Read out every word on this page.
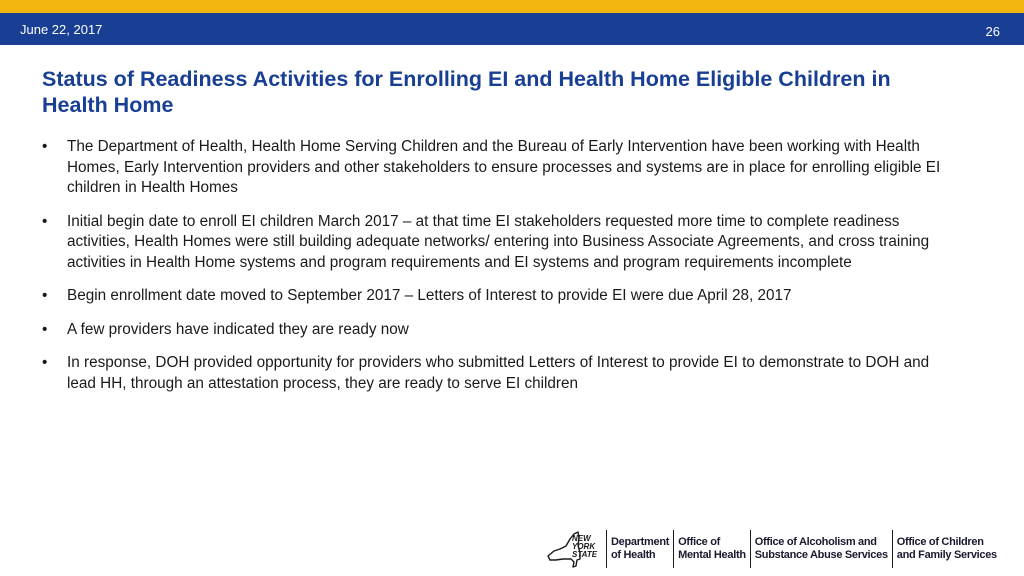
June 22, 2017	26
Status of Readiness Activities for Enrolling EI and Health Home Eligible Children in Health Home
• The Department of Health, Health Home Serving Children and the Bureau of Early Intervention have been working with Health Homes, Early Intervention providers and other stakeholders to ensure processes and systems are in place for enrolling eligible EI children in Health Homes
• Initial begin date to enroll EI children March 2017 – at that time EI stakeholders requested more time to complete readiness activities, Health Homes were still building adequate networks/ entering into Business Associate Agreements, and cross training activities in Health Home systems and program requirements and EI systems and program requirements incomplete
• Begin enrollment date moved to September 2017 – Letters of Interest to provide EI were due April 28, 2017
• A few providers have indicated they are ready now
• In response, DOH provided opportunity for providers who submitted Letters of Interest to provide EI to demonstrate to DOH and lead HH, through an attestation process, they are ready to serve EI children
NEW YORK STATE
Department
of Health
Office of
Mental Health
Office of Alcoholism and
Substance Abuse Services
Office of Children
and Family Services
